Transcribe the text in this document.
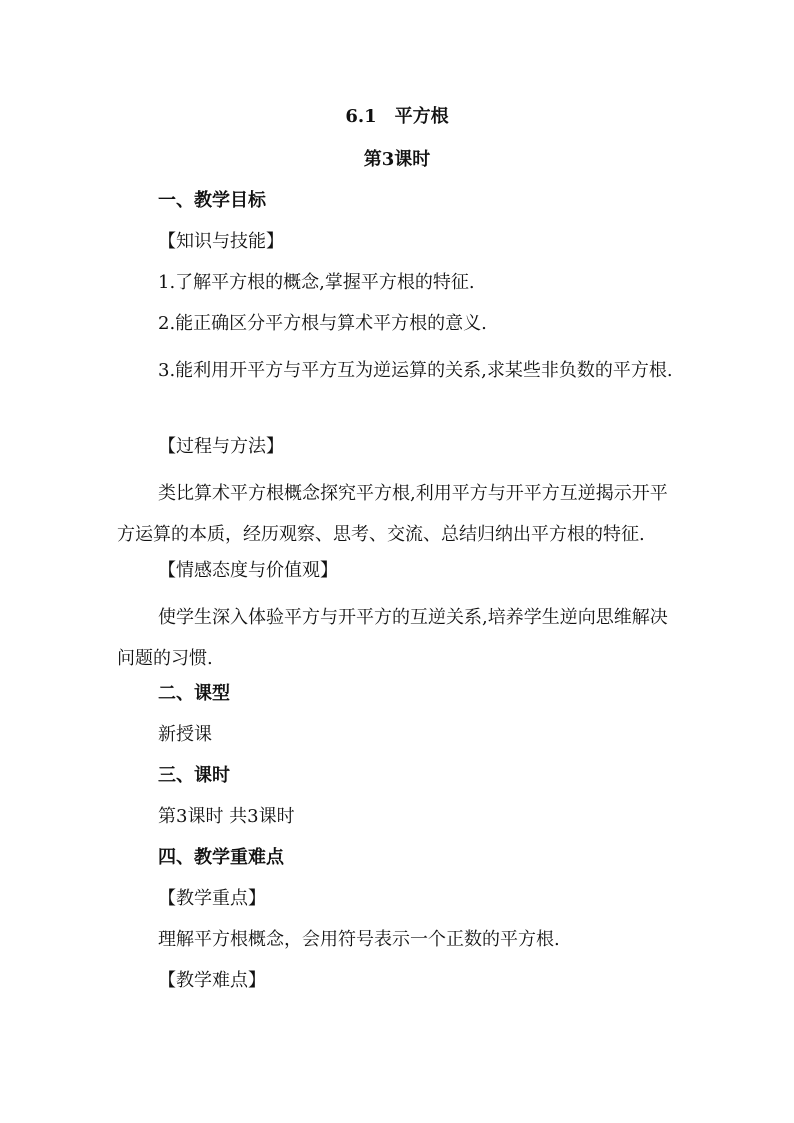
6.1　平方根
第3课时
一、教学目标
【知识与技能】
1.了解平方根的概念,掌握平方根的特征.
2.能正确区分平方根与算术平方根的意义.
3.能利用开平方与平方互为逆运算的关系,求某些非负数的平方根.
【过程与方法】
类比算术平方根概念探究平方根,利用平方与开平方互逆揭示开平方运算的本质，经历观察、思考、交流、总结归纳出平方根的特征.
【情感态度与价值观】
使学生深入体验平方与开平方的互逆关系,培养学生逆向思维解决问题的习惯.
二、课型
新授课
三、课时
第3课时 共3课时
四、教学重难点
【教学重点】
理解平方根概念，会用符号表示一个正数的平方根.
【教学难点】
